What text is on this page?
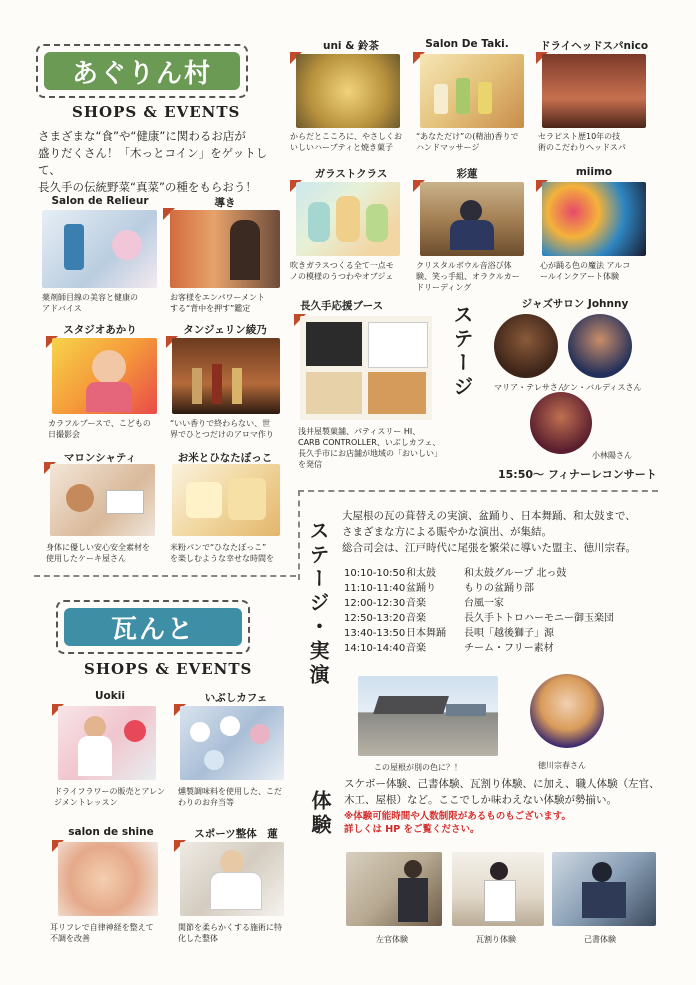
あぐりん村
SHOPS & EVENTS
さまざまな“食”や“健康”に関わるお店が
盛りだくさん！「木っとコイン」をゲットして、
長久手の伝統野菜“真菜”の種をもらおう！
Salon de Relieur
薬剤師目線の美容と健康の
アドバイス
導き
お客様をエンパワーメント
する“背中を押す”鑑定
スタジオあかり
カラフルブースで、こどもの
日撮影会
タンジェリン綾乃
“いい香りで終わらない、世
界でひとつだけのアロマ作り
マロンシャティ
身体に優しい安心安全素材を
使用したケーキ屋さん
お米とひなたぼっこ
米粉パンで“ひなたぼっこ”
を楽しむような幸せな時間を
uni & 鈴茶
からだとこころに、やさしくお
いしいハーブティと焼き菓子
Salon De Taki.
“あなただけ”の(精油)香りで
ハンドマッサージ
ドライヘッドスパnico
セラピスト歴10年の技
術のこだわりヘッドスパ
ガラストクラス
吹きガラスつくる全て一点モ
ノの模様のうつわやオブジェ
彩蓮
クリスタルボウル音浴び体
験、笑っ手組、オラクルカー
ドリーディング
miimo
心が踊る色の魔法 アルコ
ールインクアート体験
長久手応援ブース
浅井屋製菓舗、パティスリー HI、
CARB CONTROLLER、いぶしカフェ、
長久手市にお店舗が地域の「おいしい」
を発信
ステージ	ジャズサロン Johnny
マリア・テレサさん
ケン・バルディスさん
小林陽さん
15:50～ フィナーレコンサート
瓦んと
SHOPS & EVENTS
Uokii
ドライフラワーの販売とアレン
ジメントレッスン
いぶしカフェ
燻製調味料を使用した、こだ
わりのお弁当等
salon de shine
耳リフレで自律神経を整えて
不調を改善
スポーツ整体　蓮
関節を柔らかくする施術に特
化した整体
ステージ・実演
大屋根の瓦の葺替えの実演、盆踊り、日本舞踊、和太鼓まで、
さまざまな方による賑やかな演出、が集結。
総合司会は、江戸時代に尾張を繁栄に導いた盟主、徳川宗春。
10:10-10:50 和太鼓	和太鼓グループ 北っ鼓
11:10-11:40 盆踊り	もりの盆踊り部
12:00-12:30 音楽	台風一家
12:50-13:20 音楽	長久手トトロハーモニー御玉楽団
13:40-13:50 日本舞踊	長唄「越後獅子」源
14:10-14:40 音楽	チーム・フリー素材
この屋根が別の色に？！	徳川宗春さん
体験
スケボー体験、己書体験、瓦割り体験、に加え、職人体験（左官、
木工、屋根）など。ここでしか味わえない体験が勢揃い。
※体験可能時間や人数制限があるものもございます。
詳しくは HP をご覧ください。
左官体験	瓦割り体験	己書体験
